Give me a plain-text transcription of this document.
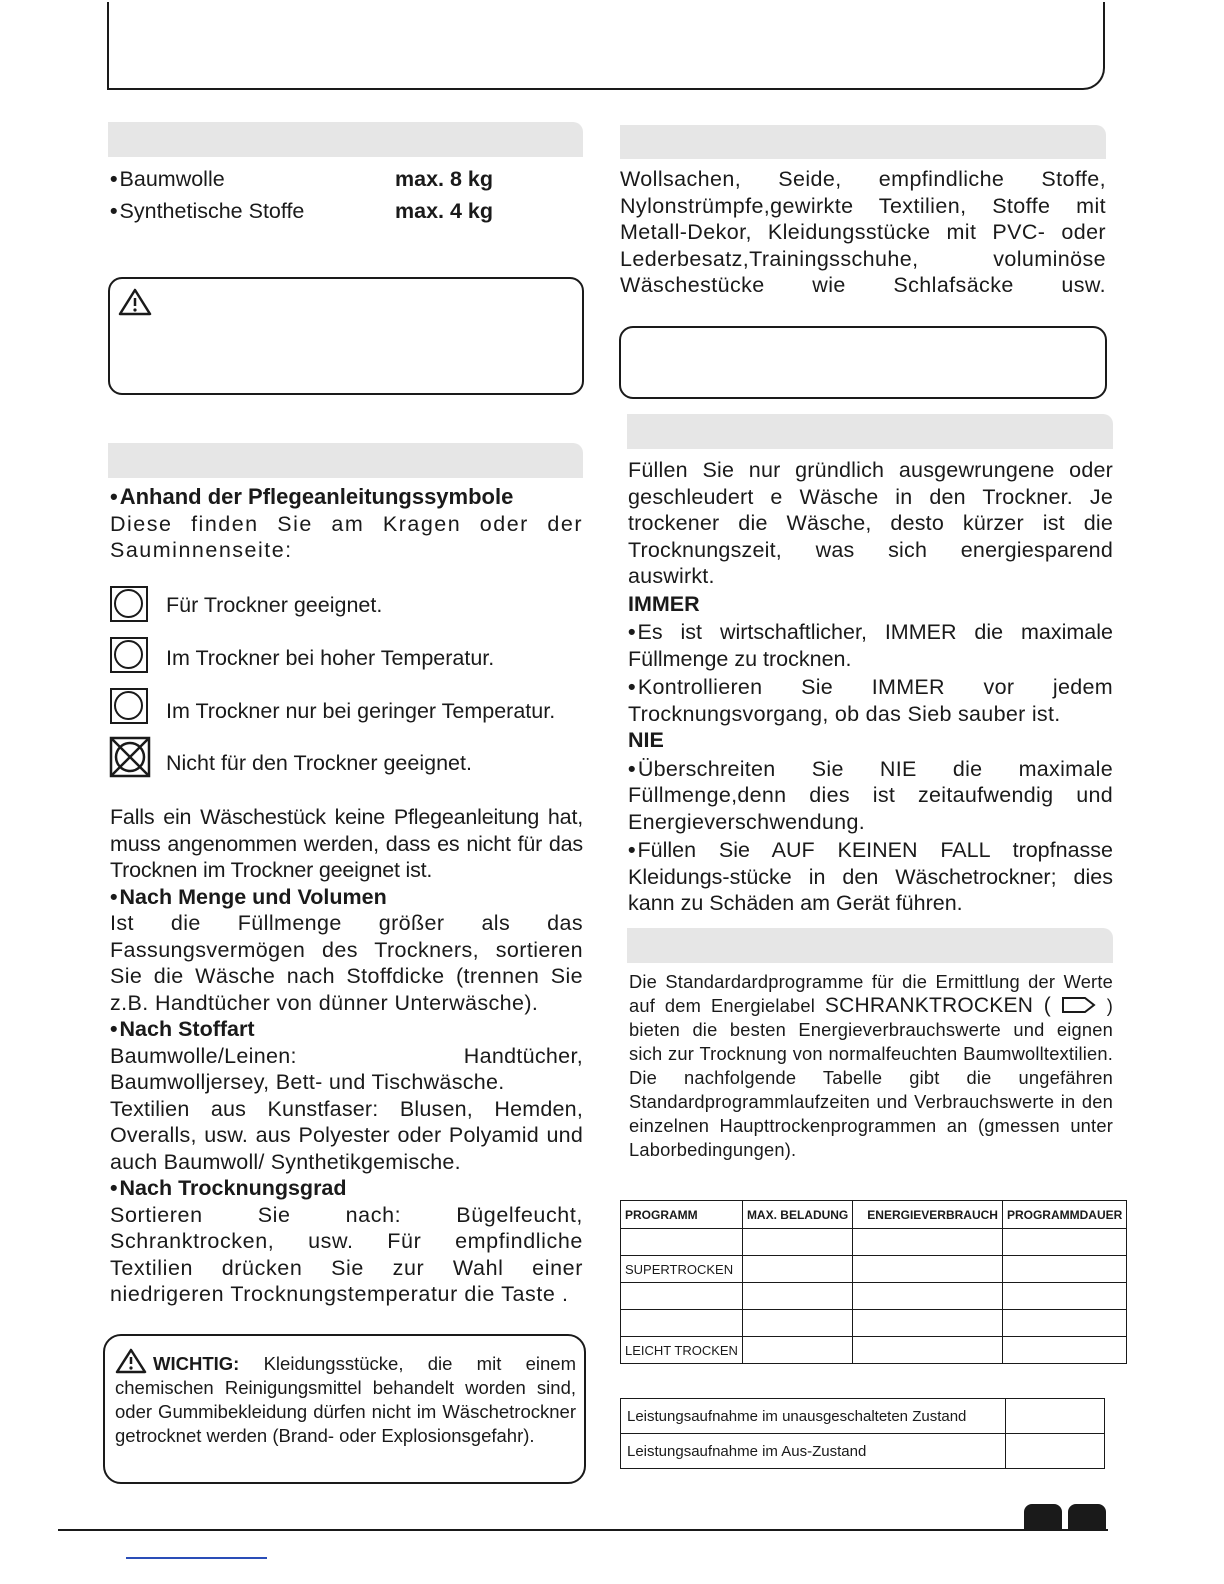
• Baumwolle	max. 8 kg
• Synthetische Stoffe	max. 4 kg

• Anhand der Pflegeanleitungssymbole

Diese finden Sie am Kragen oder der Sauminnenseite:

Für Trockner geeignet.
Im Trockner bei hoher Temperatur.
Im Trockner nur bei geringer Temperatur.
Nicht für den Trockner geeignet.

Falls ein Wäschestück keine Pflegeanleitung hat, muss angenommen werden, dass es nicht für das Trocknen im Trockner geeignet ist.

• Nach Menge und Volumen

Ist die Füllmenge größer als das Fassungsvermögen des Trockners, sortieren Sie die Wäsche nach Stoffdicke (trennen Sie z.B. Handtücher von dünner Unterwäsche).

• Nach Stoffart

Baumwolle/Leinen: Handtücher, Baumwolljersey, Bett- und Tischwäsche.

Textilien aus Kunstfaser: Blusen, Hemden, Overalls, usw. aus Polyester oder Polyamid und auch Baumwoll/ Synthetikgemische.

• Nach Trocknungsgrad

Sortieren Sie nach: Bügelfeucht, Schranktrocken, usw. Für empfindliche Textilien drücken Sie zur Wahl einer niedrigeren Trocknungstemperatur die Taste .

WICHTIG: Kleidungsstücke, die mit einem chemischen Reinigungsmittel behandelt worden sind, oder Gummibekleidung dürfen nicht im Wäschetrockner getrocknet werden (Brand- oder Explosionsgefahr).

Wollsachen, Seide, empfindliche Stoffe, Nylonstrümpfe,gewirkte Textilien, Stoffe mit Metall-Dekor, Kleidungsstücke mit PVC- oder Lederbesatz,Trainingsschuhe, voluminöse Wäschestücke wie Schlafsäcke usw.

Füllen Sie nur gründlich ausgewrungene oder geschleudert e Wäsche in den Trockner. Je trockener die Wäsche, desto kürzer ist die Trocknungszeit, was sich energiesparend auswirkt.

IMMER

• Es ist wirtschaftlicher, IMMER die maximale Füllmenge zu trocknen.

• Kontrollieren Sie IMMER vor jedem Trocknungsvorgang, ob das Sieb sauber ist.

NIE

• Überschreiten Sie NIE die maximale Füllmenge,denn dies ist zeitaufwendig und Energieverschwendung.

• Füllen Sie AUF KEINEN FALL tropfnasse Kleidungs-stücke in den Wäschetrockner; dies kann zu Schäden am Gerät führen.

Die Standardardprogramme für die Ermittlung der Werte auf dem Energielabel SCHRANKTROCKEN (	) bieten die besten Energieverbrauchswerte und eignen sich zur Trocknung von normalfeuchten Baumwolltextilien. Die nachfolgende Tabelle gibt die ungefähren Standardprogrammlaufzeiten und Verbrauchswerte in den einzelnen Haupttrockenprogrammen an (gmessen unter Laborbedingungen).

PROGRAMM	MAX. BELADUNG	ENERGIEVERBRAUCH	PROGRAMMDAUER

SUPERTROCKEN			

LEICHT TROCKEN			
Leistungsaufnahme im unausgeschalteten Zustand	
Leistungsaufnahme im Aus-Zustand	
